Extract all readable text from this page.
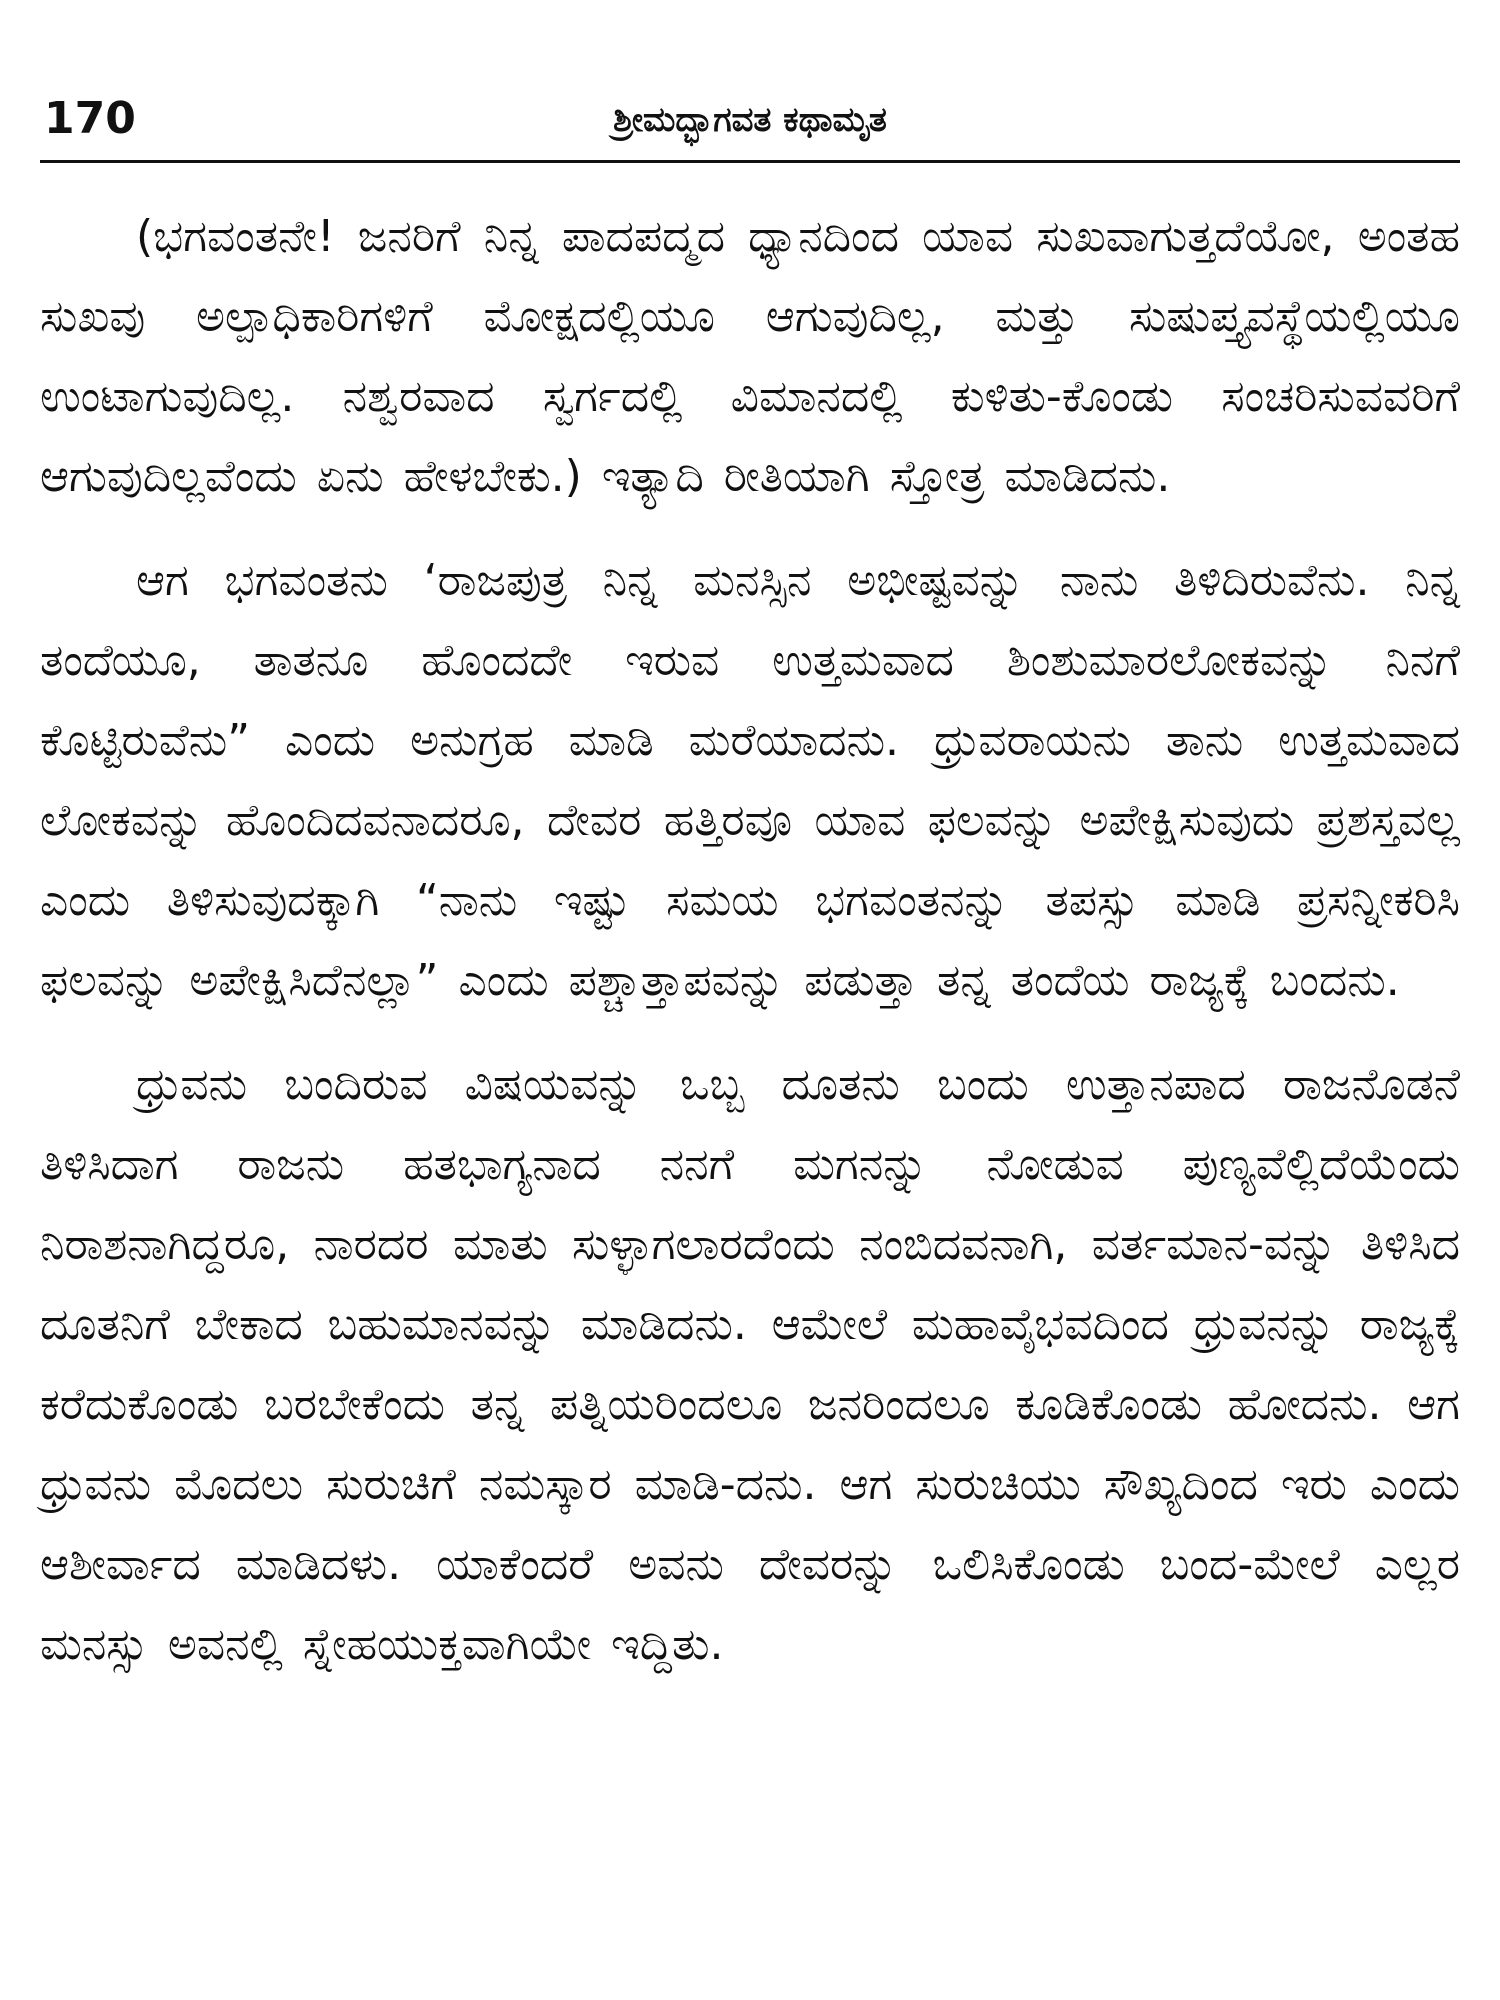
170	ಶ್ರೀಮದ್ಭಾಗವತ ಕಥಾಮೃತ

(ಭಗವಂತನೇ! ಜನರಿಗೆ ನಿನ್ನ ಪಾದಪದ್ಮದ ಧ್ಯಾನದಿಂದ ಯಾವ ಸುಖವಾಗುತ್ತದೆಯೋ, ಅಂತಹ ಸುಖವು ಅಲ್ಪಾಧಿಕಾರಿಗಳಿಗೆ ಮೋಕ್ಷದಲ್ಲಿಯೂ ಆಗುವುದಿಲ್ಲ, ಮತ್ತು ಸುಷುಪ್ತ್ಯವಸ್ಥೆಯಲ್ಲಿಯೂ ಉಂಟಾಗುವುದಿಲ್ಲ. ನಶ್ವರವಾದ ಸ್ವರ್ಗದಲ್ಲಿ ವಿಮಾನದಲ್ಲಿ ಕುಳಿತು-ಕೊಂಡು ಸಂಚರಿಸುವವರಿಗೆ ಆಗುವುದಿಲ್ಲವೆಂದು ಏನು ಹೇಳಬೇಕು.) ಇತ್ಯಾದಿ ರೀತಿಯಾಗಿ ಸ್ತೋತ್ರ ಮಾಡಿದನು.

ಆಗ ಭಗವಂತನು ‘ರಾಜಪುತ್ರ ನಿನ್ನ ಮನಸ್ಸಿನ ಅಭೀಷ್ಟವನ್ನು ನಾನು ತಿಳಿದಿರುವೆನು. ನಿನ್ನ ತಂದೆಯೂ, ತಾತನೂ ಹೊಂದದೇ ಇರುವ ಉತ್ತಮವಾದ ಶಿಂಶುಮಾರಲೋಕವನ್ನು ನಿನಗೆ ಕೊಟ್ಟಿರುವೆನು” ಎಂದು ಅನುಗ್ರಹ ಮಾಡಿ ಮರೆಯಾದನು. ಧ್ರುವರಾಯನು ತಾನು ಉತ್ತಮವಾದ ಲೋಕವನ್ನು ಹೊಂದಿದವನಾದರೂ, ದೇವರ ಹತ್ತಿರವೂ ಯಾವ ಫಲವನ್ನು ಅಪೇಕ್ಷಿಸುವುದು ಪ್ರಶಸ್ತವಲ್ಲ ಎಂದು ತಿಳಿಸುವುದಕ್ಕಾಗಿ “ನಾನು ಇಷ್ಟು ಸಮಯ ಭಗವಂತನನ್ನು ತಪಸ್ಸು ಮಾಡಿ ಪ್ರಸನ್ನೀಕರಿಸಿ ಫಲವನ್ನು ಅಪೇಕ್ಷಿಸಿದೆನಲ್ಲಾ” ಎಂದು ಪಶ್ಚಾತ್ತಾಪವನ್ನು ಪಡುತ್ತಾ ತನ್ನ ತಂದೆಯ ರಾಜ್ಯಕ್ಕೆ ಬಂದನು.

ಧ್ರುವನು ಬಂದಿರುವ ವಿಷಯವನ್ನು ಒಬ್ಬ ದೂತನು ಬಂದು ಉತ್ತಾನಪಾದ ರಾಜನೊಡನೆ ತಿಳಿಸಿದಾಗ ರಾಜನು ಹತಭಾಗ್ಯನಾದ ನನಗೆ ಮಗನನ್ನು ನೋಡುವ ಪುಣ್ಯವೆಲ್ಲಿದೆಯೆಂದು ನಿರಾಶನಾಗಿದ್ದರೂ, ನಾರದರ ಮಾತು ಸುಳ್ಳಾಗಲಾರದೆಂದು ನಂಬಿದವನಾಗಿ, ವರ್ತಮಾನ-ವನ್ನು ತಿಳಿಸಿದ ದೂತನಿಗೆ ಬೇಕಾದ ಬಹುಮಾನವನ್ನು ಮಾಡಿದನು. ಆಮೇಲೆ ಮಹಾವೈಭವದಿಂದ ಧ್ರುವನನ್ನು ರಾಜ್ಯಕ್ಕೆ ಕರೆದುಕೊಂಡು ಬರಬೇಕೆಂದು ತನ್ನ ಪತ್ನಿಯರಿಂದಲೂ ಜನರಿಂದಲೂ ಕೂಡಿಕೊಂಡು ಹೋದನು. ಆಗ ಧ್ರುವನು ಮೊದಲು ಸುರುಚಿಗೆ ನಮಸ್ಕಾರ ಮಾಡಿ-ದನು. ಆಗ ಸುರುಚಿಯು ಸೌಖ್ಯದಿಂದ ಇರು ಎಂದು ಆಶೀರ್ವಾದ ಮಾಡಿದಳು. ಯಾಕೆಂದರೆ ಅವನು ದೇವರನ್ನು ಒಲಿಸಿಕೊಂಡು ಬಂದ-ಮೇಲೆ ಎಲ್ಲರ ಮನಸ್ಸು ಅವನಲ್ಲಿ ಸ್ನೇಹಯುಕ್ತವಾಗಿಯೇ ಇದ್ದಿತು.
